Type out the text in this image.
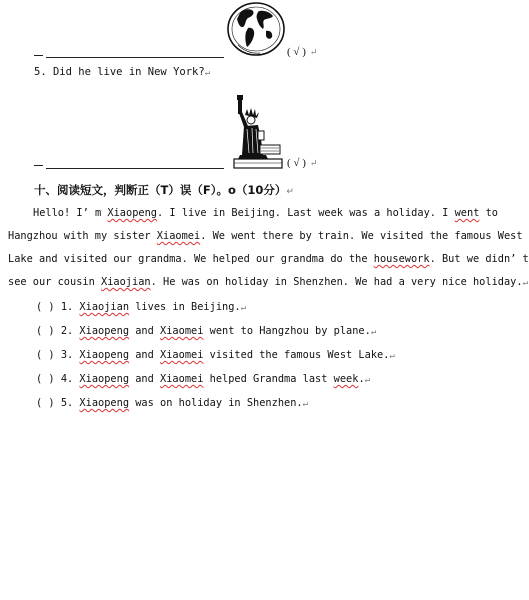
( √ ) ↵
5. Did he live in New York?↵
( √ ) ↵
十、阅读短文，判断正（T）误（F）。o（10分）↵
Hello! I’ m Xiaopeng. I live in Beijing. Last week was a holiday. I went to
Hangzhou with my sister Xiaomei. We went there by train. We visited the famous West
Lake and visited our grandma. We helped our grandma do the housework. But we didn’ t
see our cousin Xiaojian. He was on holiday in Shenzhen. We had a very nice holiday.↵
( ) 1. Xiaojian lives in Beijing.↵
( ) 2. Xiaopeng and Xiaomei went to Hangzhou by plane.↵
( ) 3. Xiaopeng and Xiaomei visited the famous West Lake.↵
( ) 4. Xiaopeng and Xiaomei helped Grandma last week.↵
( ) 5. Xiaopeng was on holiday in Shenzhen.↵
